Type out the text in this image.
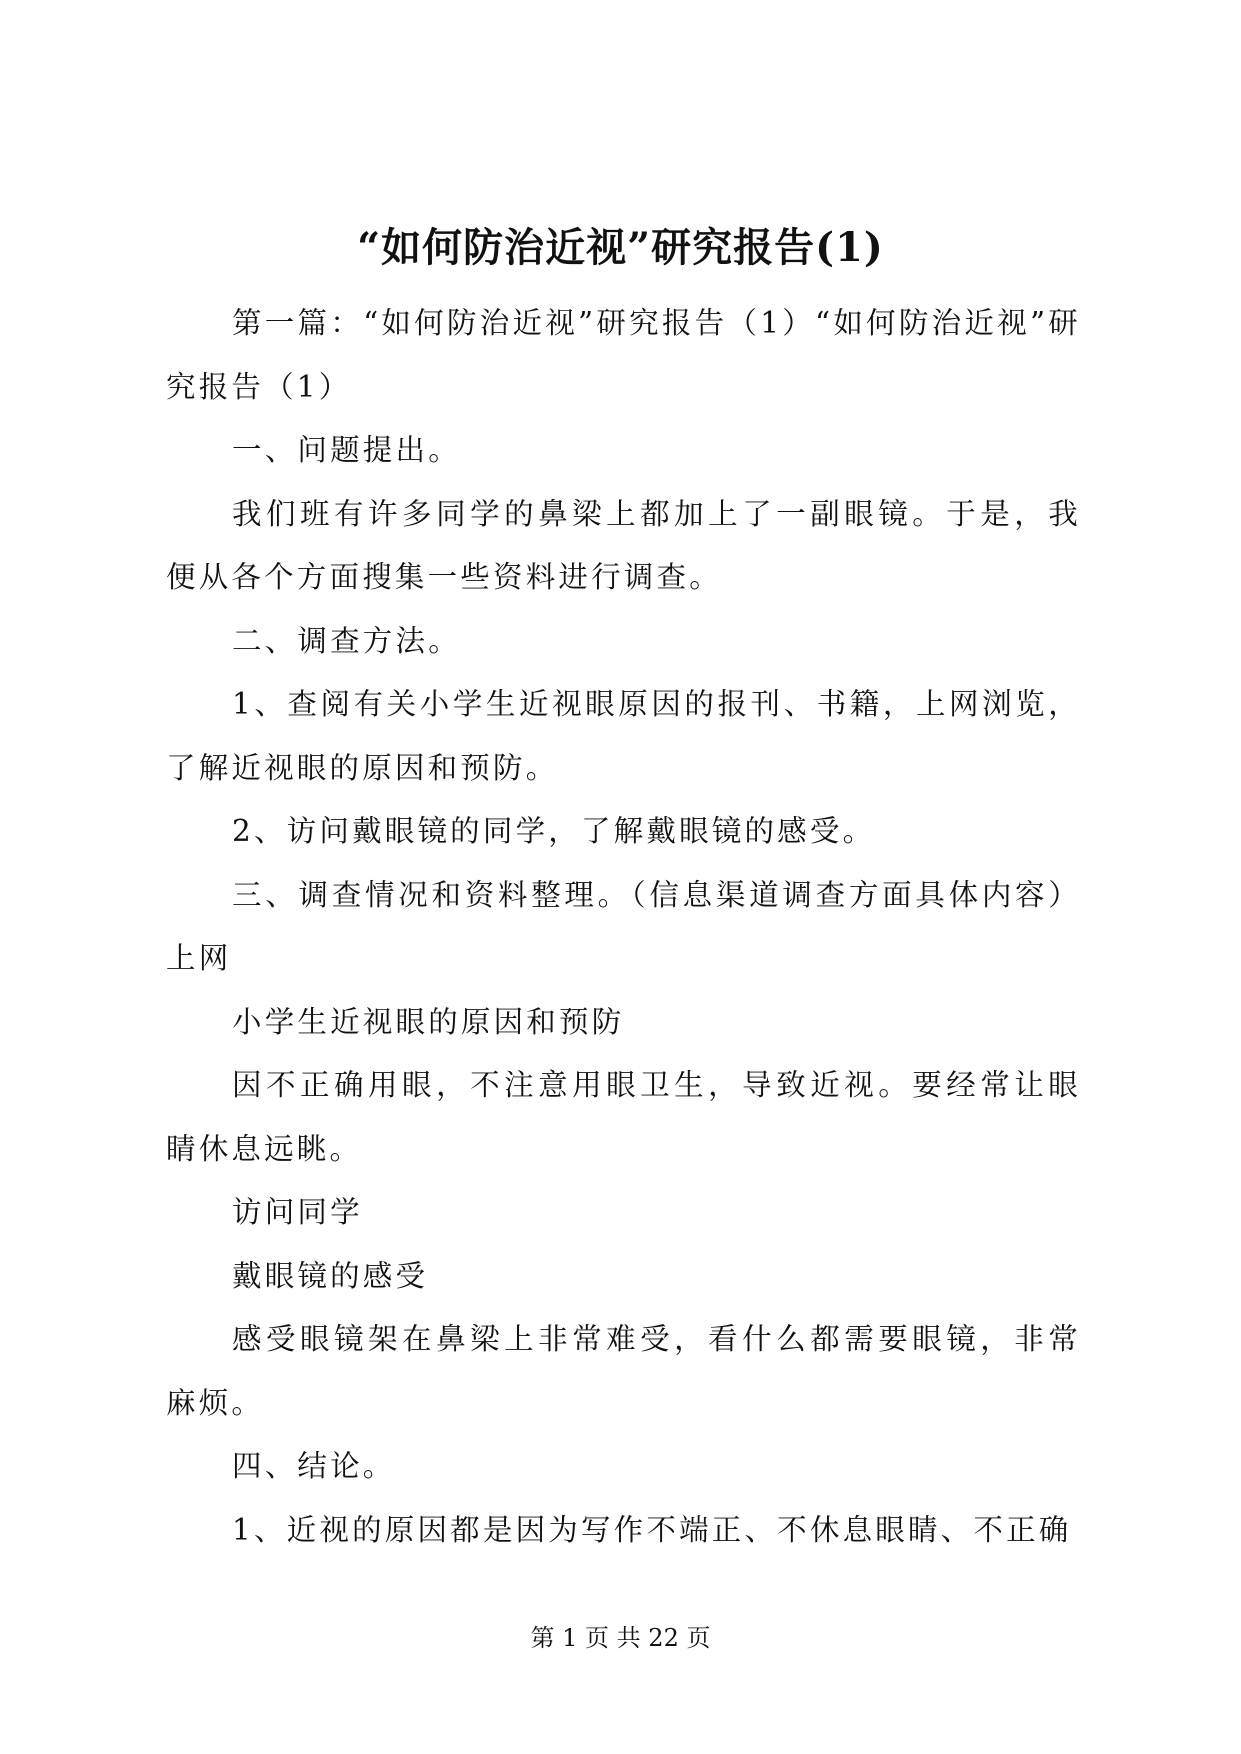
“如何防治近视”研究报告(1)

第一篇：“如何防治近视”研究报告（1）“如何防治近视”研究报告（1）

一、问题提出。

我们班有许多同学的鼻梁上都加上了一副眼镜。于是，我便从各个方面搜集一些资料进行调查。

二、调查方法。

1、查阅有关小学生近视眼原因的报刊、书籍，上网浏览，了解近视眼的原因和预防。

2、访问戴眼镜的同学，了解戴眼镜的感受。

三、调查情况和资料整理。（信息渠道调查方面具体内容）上网

小学生近视眼的原因和预防

因不正确用眼，不注意用眼卫生，导致近视。要经常让眼睛休息远眺。

访问同学

戴眼镜的感受

感受眼镜架在鼻梁上非常难受，看什么都需要眼镜，非常麻烦。

四、结论。

1、近视的原因都是因为写作不端正、不休息眼睛、不正确

第 1 页 共 22 页
